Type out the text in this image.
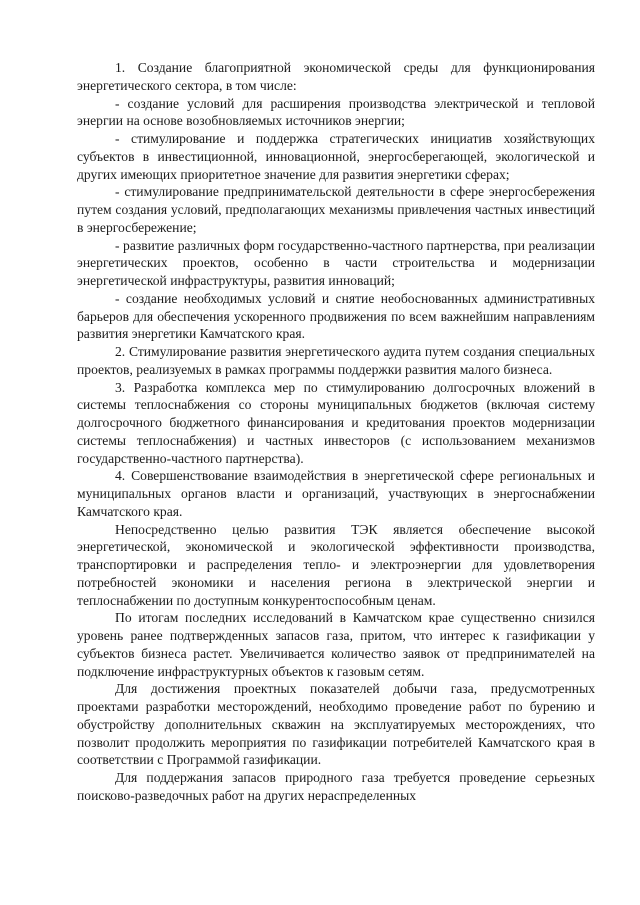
1. Создание благоприятной экономической среды для функционирования энергетического сектора, в том числе:

- создание условий для расширения производства электрической и тепловой энергии на основе возобновляемых источников энергии;

- стимулирование и поддержка стратегических инициатив хозяйствующих субъектов в инвестиционной, инновационной, энергосберегающей, экологической и других имеющих приоритетное значение для развития энергетики сферах;

- стимулирование предпринимательской деятельности в сфере энергосбережения путем создания условий, предполагающих механизмы привлечения частных инвестиций в энергосбережение;

- развитие различных форм государственно-частного партнерства, при реализации энергетических проектов, особенно в части строительства и модернизации энергетической инфраструктуры, развития инноваций;

- создание необходимых условий и снятие необоснованных административных барьеров для обеспечения ускоренного продвижения по всем важнейшим направлениям развития энергетики Камчатского края.

2. Стимулирование развития энергетического аудита путем создания специальных проектов, реализуемых в рамках программы поддержки развития малого бизнеса.

3. Разработка комплекса мер по стимулированию долгосрочных вложений в системы теплоснабжения со стороны муниципальных бюджетов (включая систему долгосрочного бюджетного финансирования и кредитования проектов модернизации системы теплоснабжения) и частных инвесторов (с использованием механизмов государственно-частного партнерства).

4. Совершенствование взаимодействия в энергетической сфере региональных и муниципальных органов власти и организаций, участвующих в энергоснабжении Камчатского края.

Непосредственно целью развития ТЭК является обеспечение высокой энергетической, экономической и экологической эффективности производства, транспортировки и распределения тепло- и электроэнергии для удовлетворения потребностей экономики и населения региона в электрической энергии и теплоснабжении по доступным конкурентоспособным ценам.

По итогам последних исследований в Камчатском крае существенно снизился уровень ранее подтвержденных запасов газа, притом, что интерес к газификации у субъектов бизнеса растет. Увеличивается количество заявок от предпринимателей на подключение инфраструктурных объектов к газовым сетям.

Для достижения проектных показателей добычи газа, предусмотренных проектами разработки месторождений, необходимо проведение работ по бурению и обустройству дополнительных скважин на эксплуатируемых месторождениях, что позволит продолжить мероприятия по газификации потребителей Камчатского края в соответствии с Программой газификации.

Для поддержания запасов природного газа требуется проведение серьезных поисково-разведочных работ на других нераспределенных
